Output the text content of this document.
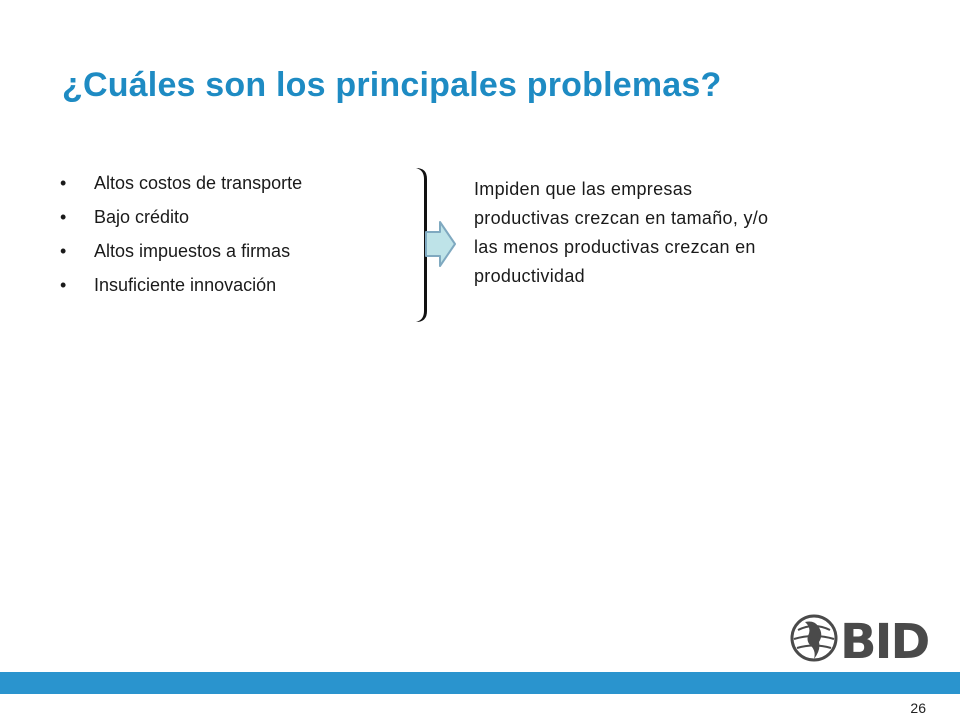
¿Cuáles son los principales problemas?
• Altos costos de transporte
• Bajo crédito
• Altos impuestos a firmas
• Insuficiente innovación
Impiden que las empresas productivas crezcan en tamaño, y/o las menos productivas crezcan en productividad
BID
26
